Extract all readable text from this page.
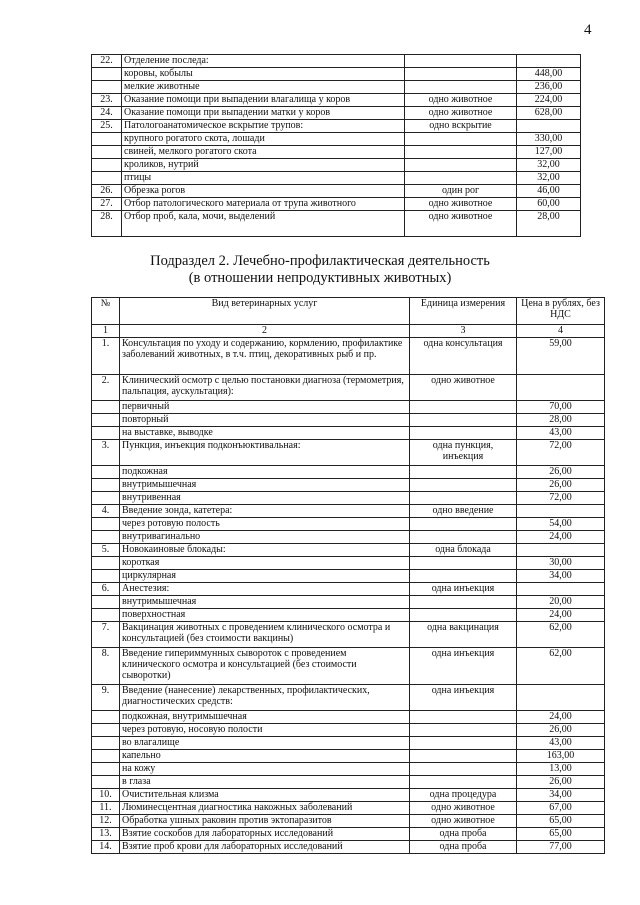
4
22.	Отделение последа:		
	коровы, кобылы		448,00
	мелкие животные		236,00
23.	Оказание помощи при выпадении влагалища у коров	одно животное	224,00
24.	Оказание помощи при выпадении матки у коров	одно животное	628,00
25.	Патологоанатомическое вскрытие трупов:	одно вскрытие	
	крупного рогатого скота, лошади		330,00
	свиней, мелкого рогатого скота		127,00
	кроликов, нутрий		32,00
	птицы		32,00
26.	Обрезка рогов	один рог	46,00
27.	Отбор патологического материала от трупа животного	одно животное	60,00
28.	Отбор проб, кала, мочи, выделений	одно животное	28,00
Подраздел 2. Лечебно-профилактическая деятельность
(в отношении непродуктивных животных)
№	Вид ветеринарных услуг	Единица измерения	Цена в рублях, без НДС
1	2	3	4
1.	Консультация по уходу и содержанию, кормлению, профилактике заболеваний животных, в т.ч. птиц, декоративных рыб и пр.	одна консультация	59,00
2.	Клинический осмотр с целью постановки диагноза (термометрия, пальпация, аускультация):	одно животное	
	первичный		70,00
	повторный		28,00
	на выставке, выводке		43,00
3.	Пункция, инъекция подконъюктивальная:	одна пункция, инъекция	72,00
	подкожная		26,00
	внутримышечная		26,00
	внутривенная		72,00
4.	Введение зонда, катетера:	одно введение	
	через ротовую полость		54,00
	внутривагинально		24,00
5.	Новокаиновые блокады:	одна блокада	
	короткая		30,00
	циркулярная		34,00
6.	Анестезия:	одна инъекция	
	внутримышечная		20,00
	поверхностная		24,00
7.	Вакцинация животных с проведением клинического осмотра и консультацией (без стоимости вакцины)	одна вакцинация	62,00
8.	Введение гипериммунных сывороток с проведением клинического осмотра и консультацией (без стоимости сыворотки)	одна инъекция	62,00
9.	Введение (нанесение) лекарственных, профилактических, диагностических средств:	одна инъекция	
	подкожная, внутримышечная		24,00
	через ротовую, носовую полости		26,00
	во влагалище		43,00
	капельно		163,00
	на кожу		13,00
	в глаза		26,00
10.	Очистительная клизма	одна процедура	34,00
11.	Люминесцентная диагностика накожных заболеваний	одно животное	67,00
12.	Обработка ушных раковин против эктопаразитов	одно животное	65,00
13.	Взятие соскобов для лабораторных исследований	одна проба	65,00
14.	Взятие проб крови для лабораторных исследований	одна проба	77,00
